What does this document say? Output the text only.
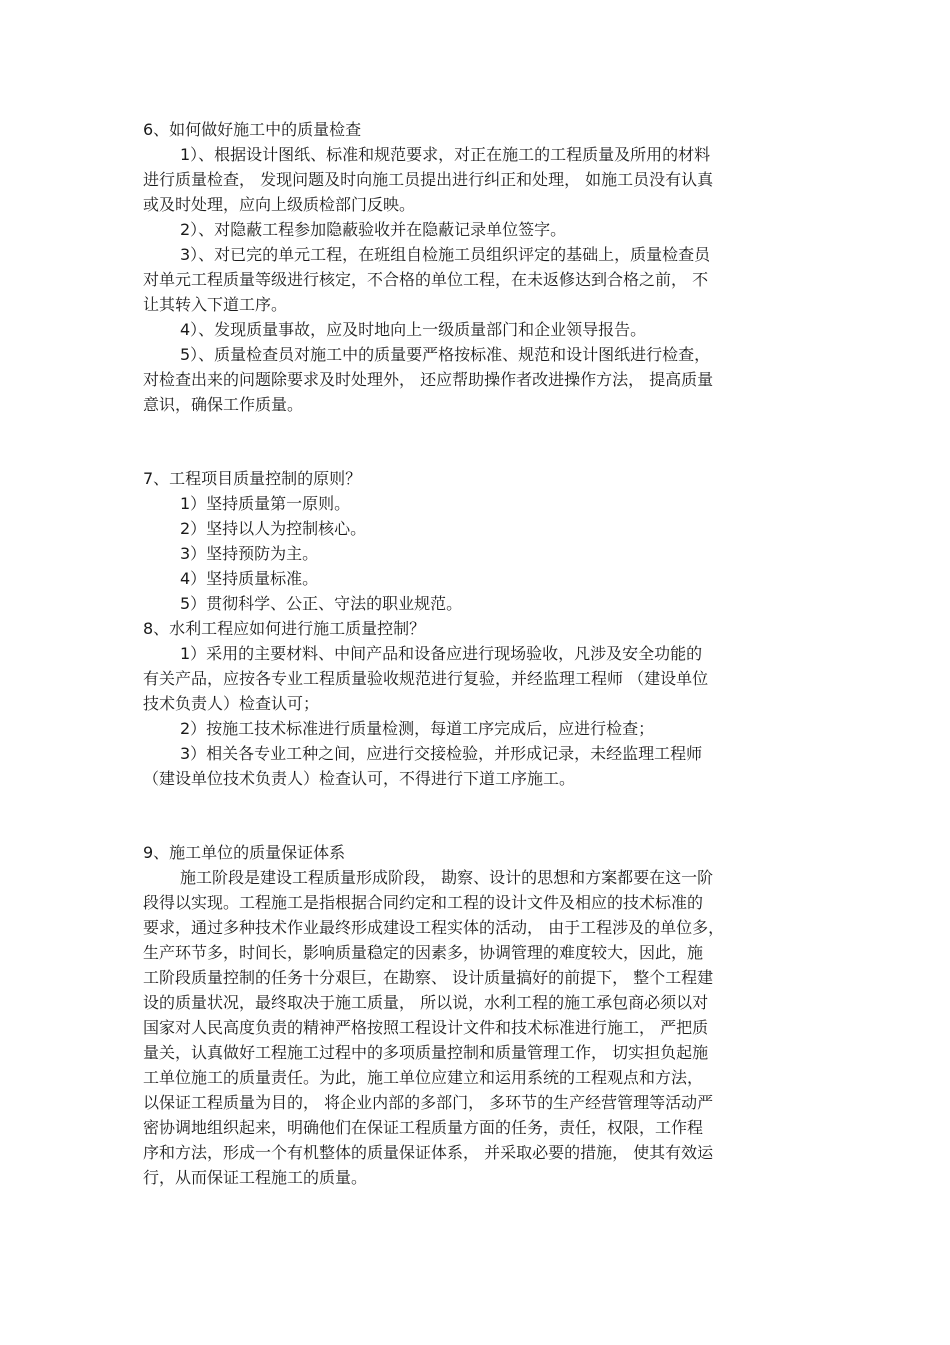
6、如何做好施工中的质量检查
1）、根据设计图纸、标准和规范要求，对正在施工的工程质量及所用的材料
进行质量检查， 发现问题及时向施工员提出进行纠正和处理， 如施工员没有认真
或及时处理，应向上级质检部门反映。
2）、对隐蔽工程参加隐蔽验收并在隐蔽记录单位签字。
3）、对已完的单元工程，在班组自检施工员组织评定的基础上，质量检查员
对单元工程质量等级进行核定，不合格的单位工程，在未返修达到合格之前， 不
让其转入下道工序。
4）、发现质量事故，应及时地向上一级质量部门和企业领导报告。
5）、质量检查员对施工中的质量要严格按标准、规范和设计图纸进行检查，
对检查出来的问题除要求及时处理外， 还应帮助操作者改进操作方法， 提高质量
意识，确保工作质量。
7、工程项目质量控制的原则？
1）坚持质量第一原则。
2）坚持以人为控制核心。
3）坚持预防为主。
4）坚持质量标准。
5）贯彻科学、公正、守法的职业规范。
8、水利工程应如何进行施工质量控制？
1）采用的主要材料、中间产品和设备应进行现场验收，凡涉及安全功能的
有关产品，应按各专业工程质量验收规范进行复验，并经监理工程师 （建设单位
技术负责人）检查认可；
2）按施工技术标准进行质量检测，每道工序完成后，应进行检查；
3）相关各专业工种之间，应进行交接检验，并形成记录，未经监理工程师
（建设单位技术负责人）检查认可，不得进行下道工序施工。
9、施工单位的质量保证体系
施工阶段是建设工程质量形成阶段， 勘察、设计的思想和方案都要在这一阶
段得以实现。工程施工是指根据合同约定和工程的设计文件及相应的技术标准的
要求，通过多种技术作业最终形成建设工程实体的活动， 由于工程涉及的单位多，
生产环节多，时间长，影响质量稳定的因素多，协调管理的难度较大，因此，施
工阶段质量控制的任务十分艰巨，在勘察、 设计质量搞好的前提下， 整个工程建
设的质量状况，最终取决于施工质量， 所以说，水利工程的施工承包商必须以对
国家对人民高度负责的精神严格按照工程设计文件和技术标准进行施工， 严把质
量关，认真做好工程施工过程中的多项质量控制和质量管理工作， 切实担负起施
工单位施工的质量责任。为此，施工单位应建立和运用系统的工程观点和方法，
以保证工程质量为目的， 将企业内部的多部门， 多环节的生产经营管理等活动严
密协调地组织起来，明确他们在保证工程质量方面的任务，责任，权限，工作程
序和方法，形成一个有机整体的质量保证体系， 并采取必要的措施， 使其有效运
行，从而保证工程施工的质量。
